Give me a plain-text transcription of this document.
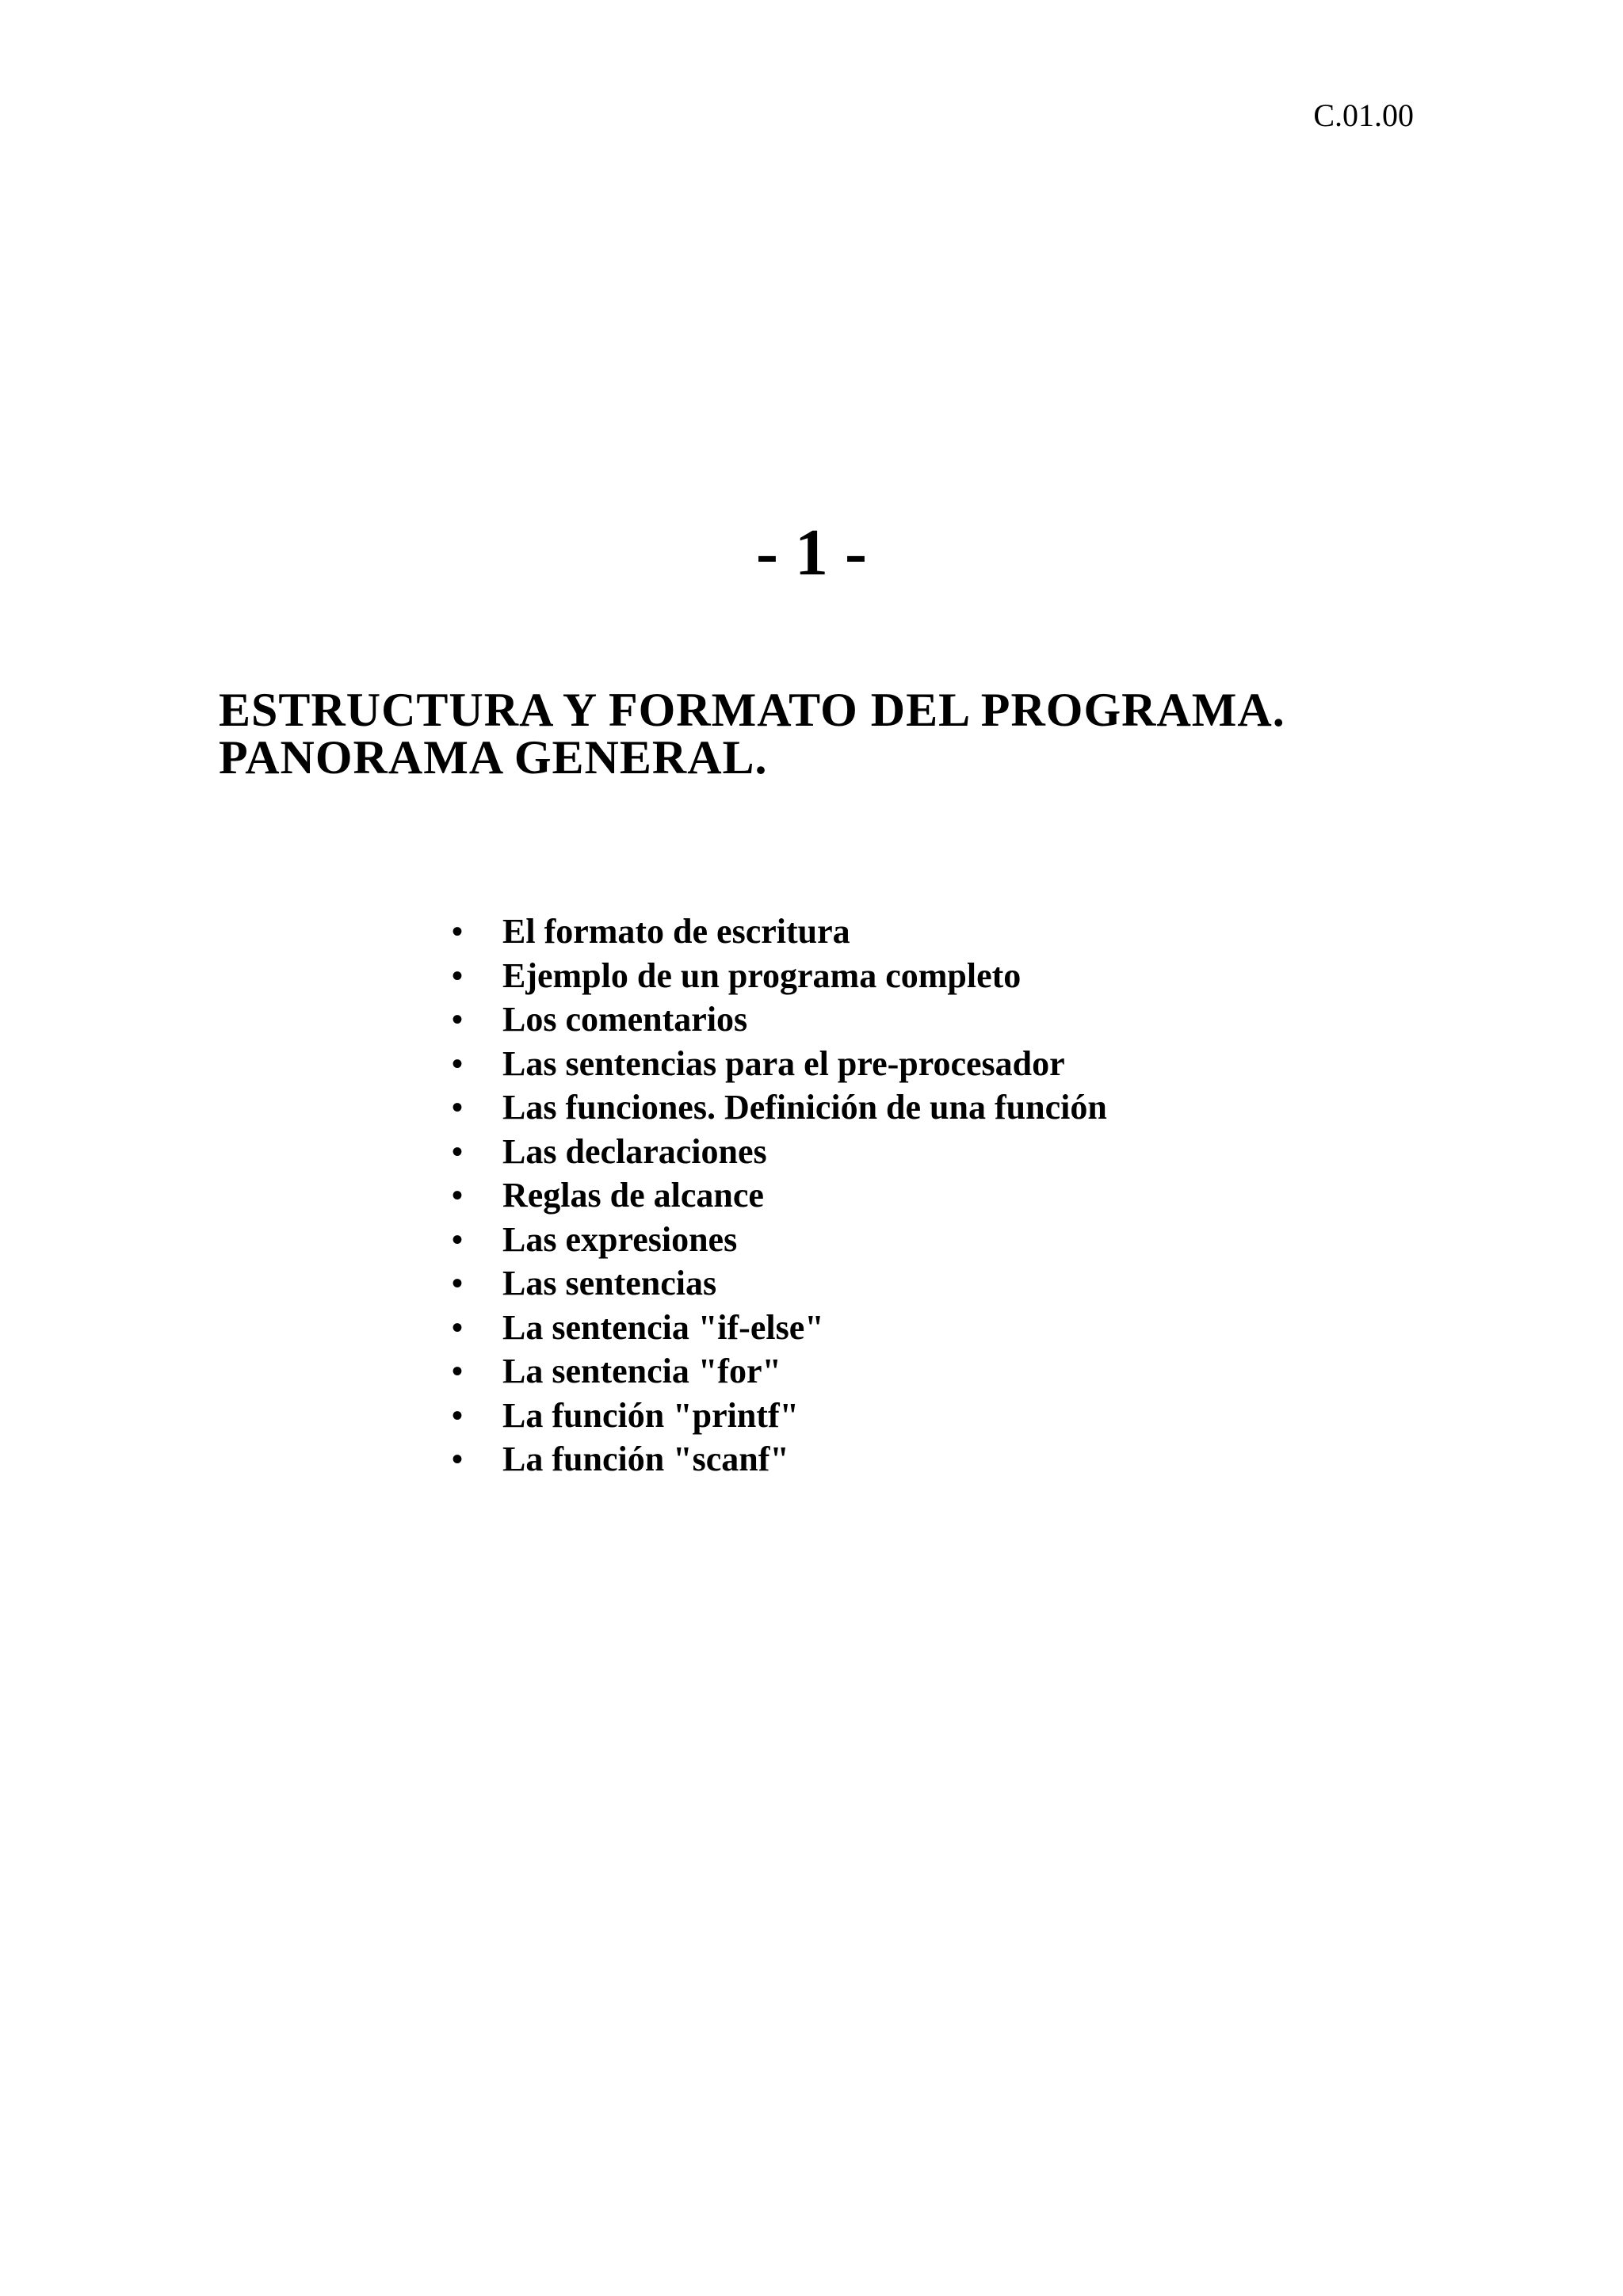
C.01.00
- 1 -
ESTRUCTURA Y FORMATO DEL PROGRAMA.
PANORAMA GENERAL.
• El formato de escritura
• Ejemplo de un programa completo
• Los comentarios
• Las sentencias para el pre-procesador
• Las funciones. Definición de una función
• Las declaraciones
• Reglas de alcance
• Las expresiones
• Las sentencias
• La sentencia "if-else"
• La sentencia "for"
• La función "printf"
• La función "scanf"
